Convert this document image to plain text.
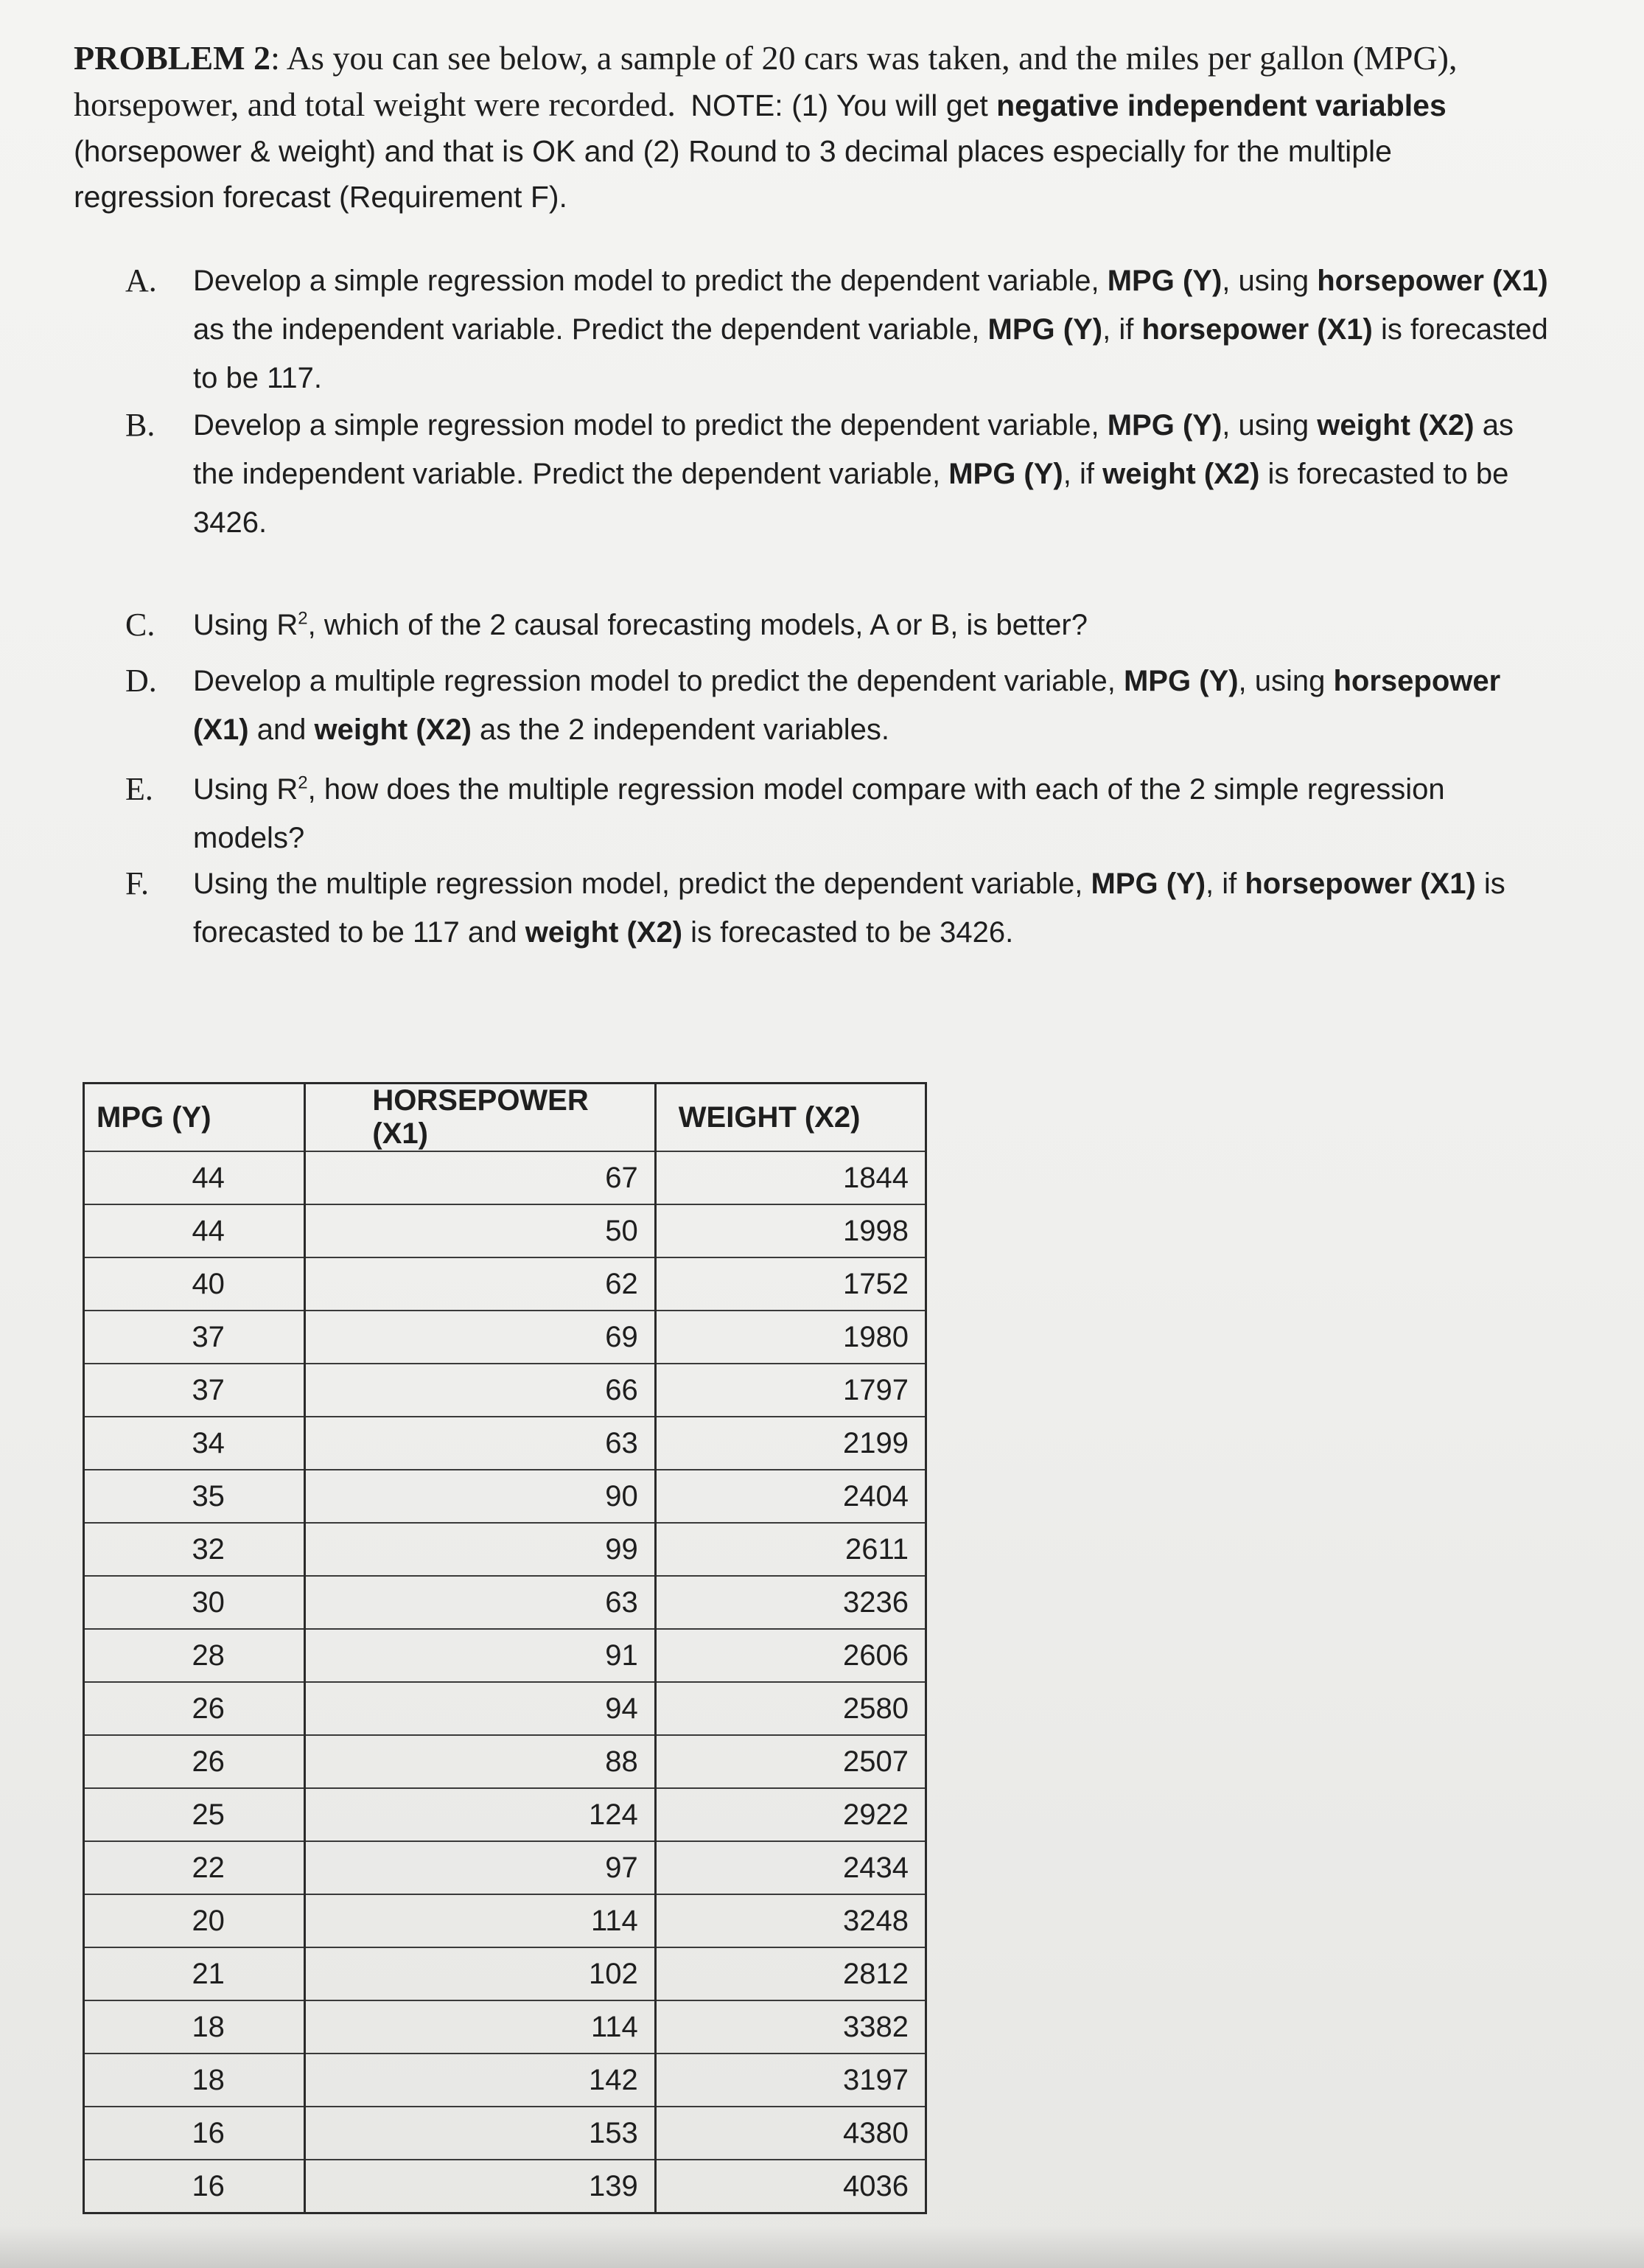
PROBLEM 2: As you can see below, a sample of 20 cars was taken, and the miles per gallon (MPG), horsepower, and total weight were recorded. NOTE: (1) You will get negative independent variables (horsepower & weight) and that is OK and (2) Round to 3 decimal places especially for the multiple regression forecast (Requirement F).
A. Develop a simple regression model to predict the dependent variable, MPG (Y), using horsepower (X1) as the independent variable. Predict the dependent variable, MPG (Y), if horsepower (X1) is forecasted to be 117.
B. Develop a simple regression model to predict the dependent variable, MPG (Y), using weight (X2) as the independent variable. Predict the dependent variable, MPG (Y), if weight (X2) is forecasted to be 3426.
C. Using $R^2$, which of the 2 causal forecasting models, A or B, is better?
D. Develop a multiple regression model to predict the dependent variable, MPG (Y), using horsepower (X1) and weight (X2) as the 2 independent variables.
E. Using $R^2$, how does the multiple regression model compare with each of the 2 simple regression models?
F. Using the multiple regression model, predict the dependent variable, MPG (Y), if horsepower (X1) is forecasted to be 117 and weight (X2) is forecasted to be 3426.
MPG (Y)	HORSEPOWER (X1)	WEIGHT (X2)
44	67	1844
44	50	1998
40	62	1752
37	69	1980
37	66	1797
34	63	2199
35	90	2404
32	99	2611
30	63	3236
28	91	2606
26	94	2580
26	88	2507
25	124	2922
22	97	2434
20	114	3248
21	102	2812
18	114	3382
18	142	3197
16	153	4380
16	139	4036
